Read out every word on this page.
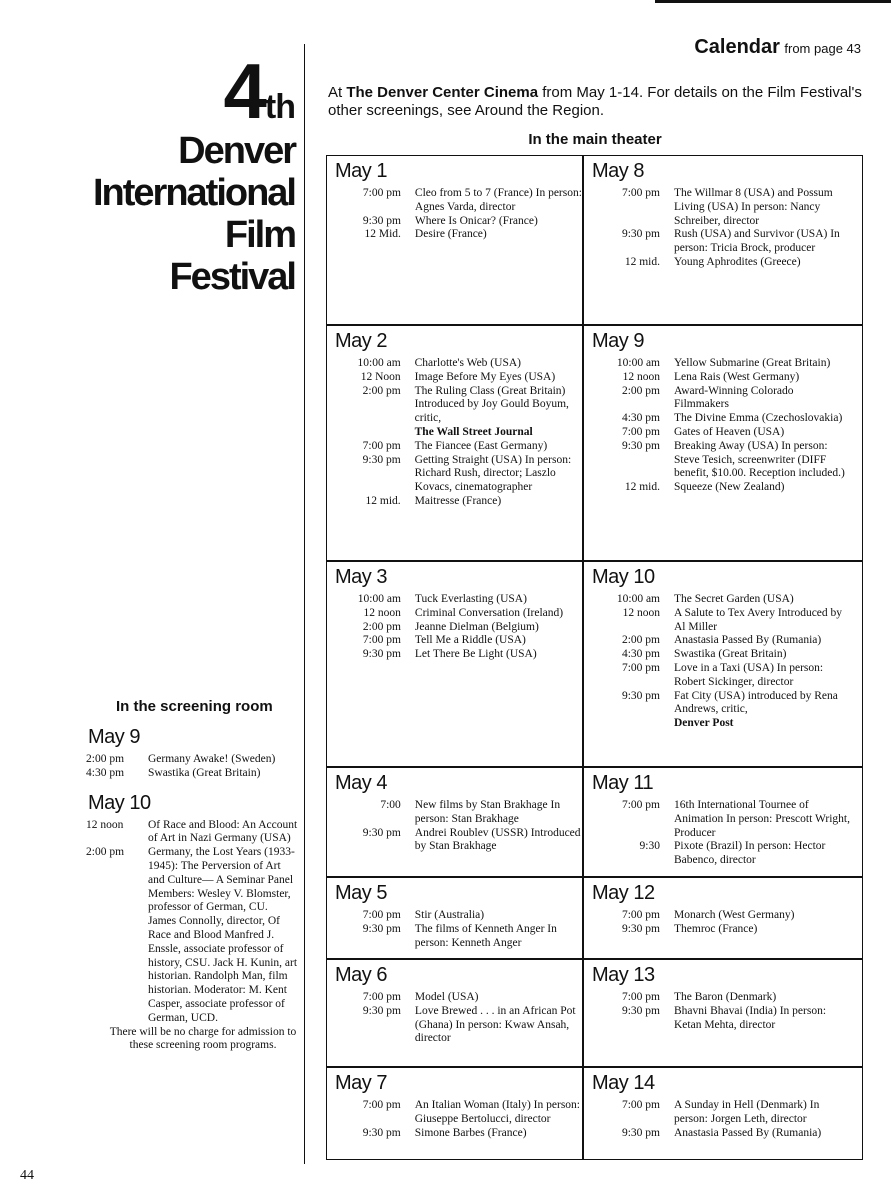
Calendar from page 43
4th
Denver
International
Film
Festival
At The Denver Center Cinema from May 1-14. For details on the Film Festival's other screenings, see Around the Region.
In the main theater
May 1
7:00 pm	Cleo from 5 to 7 (France) In person: Agnes Varda, director
9:30 pm	Where Is Onicar? (France)
12 Mid.	Desire (France)
May 8
7:00 pm	The Willmar 8 (USA) and Possum Living (USA) In person: Nancy Schreiber, director
9:30 pm	Rush (USA) and Survivor (USA) In person: Tricia Brock, producer
12 mid.	Young Aphrodites (Greece)
May 2
10:00 am	Charlotte's Web (USA)
12 Noon	Image Before My Eyes (USA)
2:00 pm	The Ruling Class (Great Britain) Introduced by Joy Gould Boyum, critic,
	The Wall Street Journal
7:00 pm	The Fiancee (East Germany)
9:30 pm	Getting Straight (USA) In person: Richard Rush, director; Laszlo Kovacs, cinematographer
12 mid.	Maitresse (France)
May 9
10:00 am	Yellow Submarine (Great Britain)
12 noon	Lena Rais (West Germany)
2:00 pm	Award-Winning Colorado Filmmakers
4:30 pm	The Divine Emma (Czechoslovakia)
7:00 pm	Gates of Heaven (USA)
9:30 pm	Breaking Away (USA) In person: Steve Tesich, screenwriter (DIFF benefit, $10.00. Reception included.)
12 mid.	Squeeze (New Zealand)
May 3
10:00 am	Tuck Everlasting (USA)
12 noon	Criminal Conversation (Ireland)
2:00 pm	Jeanne Dielman (Belgium)
7:00 pm	Tell Me a Riddle (USA)
9:30 pm	Let There Be Light (USA)
May 10
10:00 am	The Secret Garden (USA)
12 noon	A Salute to Tex Avery Introduced by Al Miller
2:00 pm	Anastasia Passed By (Rumania)
4:30 pm	Swastika (Great Britain)
7:00 pm	Love in a Taxi (USA) In person: Robert Sickinger, director
9:30 pm	Fat City (USA) introduced by Rena Andrews, critic,
	Denver Post
May 4
7:00	New films by Stan Brakhage In person: Stan Brakhage
9:30 pm	Andrei Roublev (USSR) Introduced by Stan Brakhage
May 11
7:00 pm	16th International Tournee of Animation In person: Prescott Wright, Producer
9:30	Pixote (Brazil) In person: Hector Babenco, director
May 5
7:00 pm	Stir (Australia)
9:30 pm	The films of Kenneth Anger In person: Kenneth Anger
May 12
7:00 pm	Monarch (West Germany)
9:30 pm	Themroc (France)
May 6
7:00 pm	Model (USA)
9:30 pm	Love Brewed . . . in an African Pot (Ghana) In person: Kwaw Ansah, director
May 13
7:00 pm	The Baron (Denmark)
9:30 pm	Bhavni Bhavai (India) In person: Ketan Mehta, director
May 7
7:00 pm	An Italian Woman (Italy) In person: Giuseppe Bertolucci, director
9:30 pm	Simone Barbes (France)
May 14
7:00 pm	A Sunday in Hell (Denmark) In person: Jorgen Leth, director
9:30 pm	Anastasia Passed By (Rumania)
In the screening room
May 9
2:00 pm	Germany Awake! (Sweden)
4:30 pm	Swastika (Great Britain)
May 10
12 noon	Of Race and Blood: An Account of Art in Nazi Germany (USA)
2:00 pm	Germany, the Lost Years (1933-1945): The Perversion of Art and Culture— A Seminar Panel Members: Wesley V. Blomster, professor of German, CU. James Connolly, director, Of Race and Blood Manfred J. Enssle, associate professor of history, CSU. Jack H. Kunin, art historian. Randolph Man, film historian. Moderator: M. Kent Casper, associate professor of German, UCD.
There will be no charge for admission to these screening room programs.
44
